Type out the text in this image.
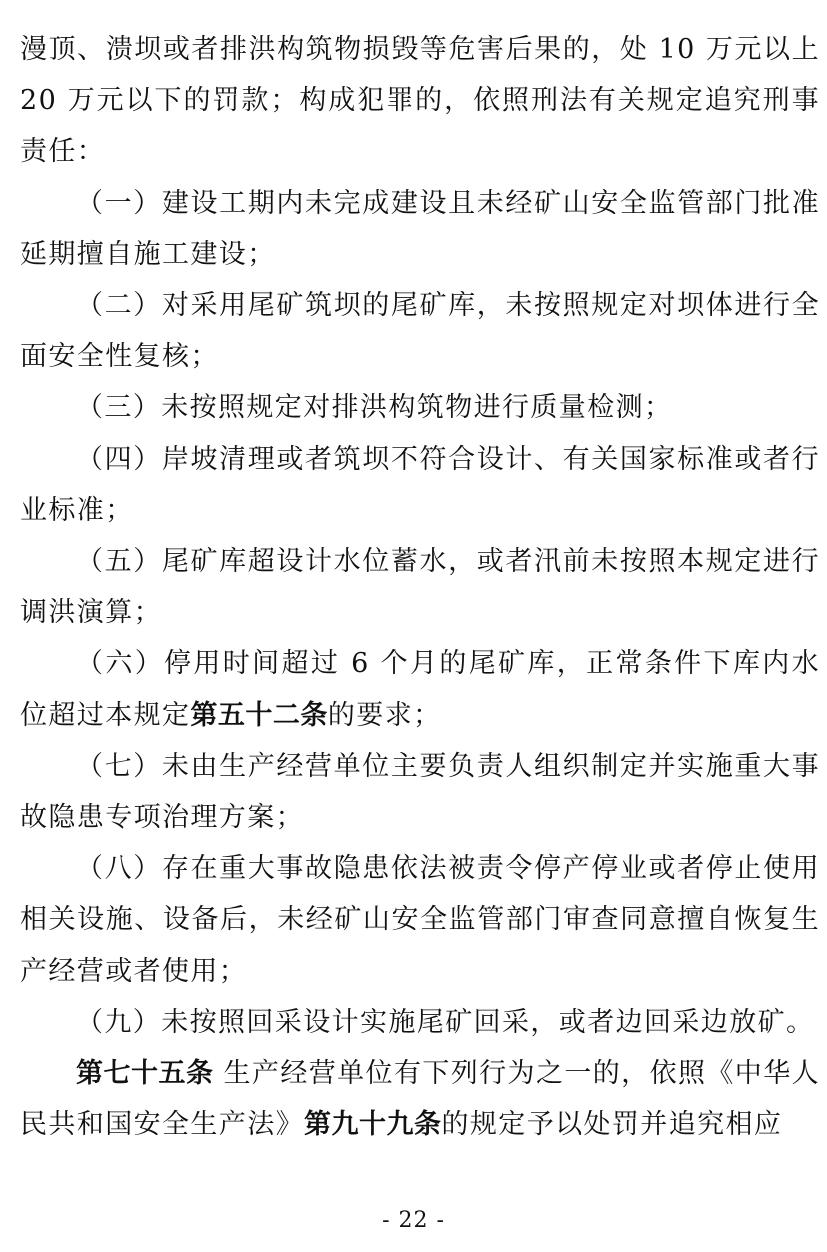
漫顶、溃坝或者排洪构筑物损毁等危害后果的，处 10 万元以上 20 万元以下的罚款；构成犯罪的，依照刑法有关规定追究刑事责任：

（一）建设工期内未完成建设且未经矿山安全监管部门批准延期擅自施工建设；

（二）对采用尾矿筑坝的尾矿库，未按照规定对坝体进行全面安全性复核；

（三）未按照规定对排洪构筑物进行质量检测；

（四）岸坡清理或者筑坝不符合设计、有关国家标准或者行业标准；

（五）尾矿库超设计水位蓄水，或者汛前未按照本规定进行调洪演算；

（六）停用时间超过 6 个月的尾矿库，正常条件下库内水位超过本规定第五十二条的要求；

（七）未由生产经营单位主要负责人组织制定并实施重大事故隐患专项治理方案；

（八）存在重大事故隐患依法被责令停产停业或者停止使用相关设施、设备后，未经矿山安全监管部门审查同意擅自恢复生产经营或者使用；

（九）未按照回采设计实施尾矿回采，或者边回采边放矿。

第七十五条 生产经营单位有下列行为之一的，依照《中华人民共和国安全生产法》第九十九条的规定予以处罚并追究相应

- 22 -
